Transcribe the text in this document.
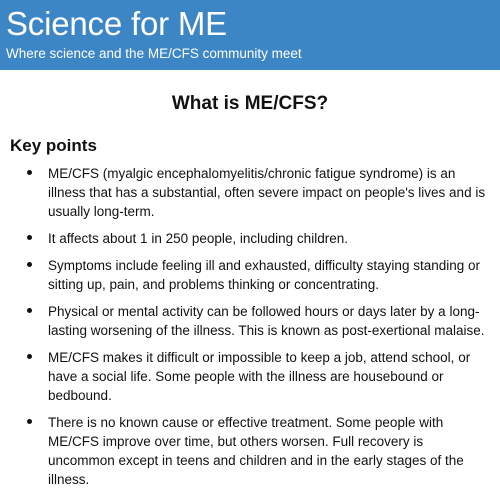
Science for ME
Where science and the ME/CFS community meet
What is ME/CFS?
Key points
ME/CFS (myalgic encephalomyelitis/chronic fatigue syndrome) is an illness that has a substantial, often severe impact on people's lives and is usually long-term.
It affects about 1 in 250 people, including children.
Symptoms include feeling ill and exhausted, difficulty staying standing or sitting up, pain, and problems thinking or concentrating.
Physical or mental activity can be followed hours or days later by a long-lasting worsening of the illness. This is known as post-exertional malaise.
ME/CFS makes it difficult or impossible to keep a job, attend school, or have a social life. Some people with the illness are housebound or bedbound.
There is no known cause or effective treatment. Some people with ME/CFS improve over time, but others worsen. Full recovery is uncommon except in teens and children and in the early stages of the illness.
